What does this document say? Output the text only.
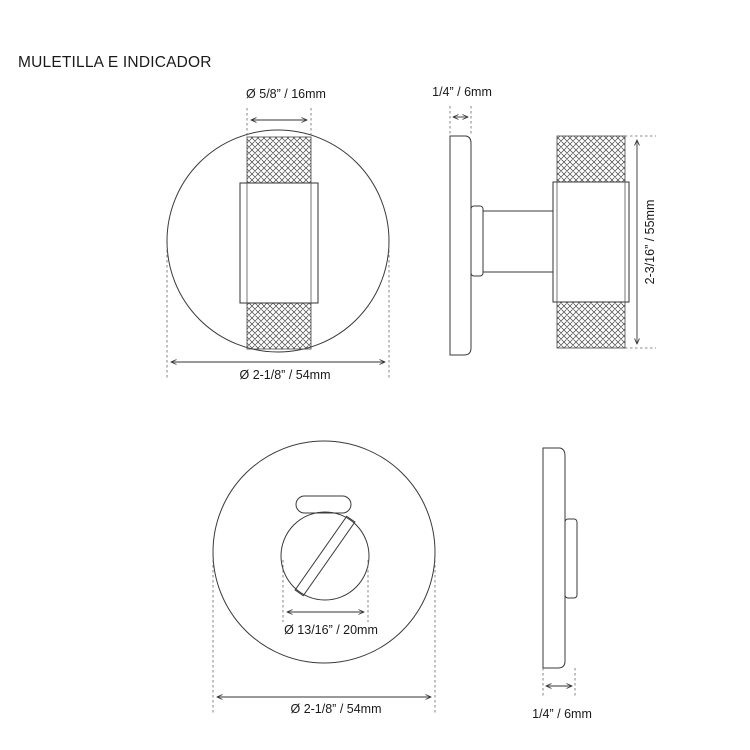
MULETILLA E INDICADOR
Ø 5/8” / 16mm
Ø 2-1/8” / 54mm
1/4” / 6mm
2-3/16” / 55mm
Ø 13/16” / 20mm
Ø 2-1/8” / 54mm	1/4” / 6mm
